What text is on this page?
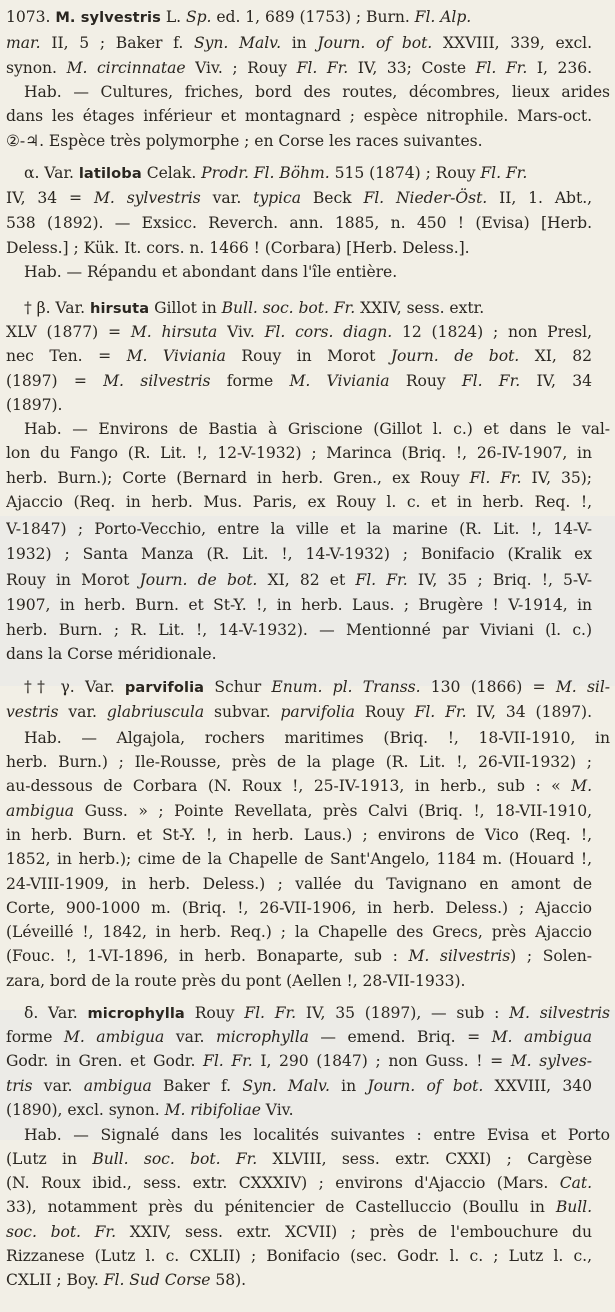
1073. M. sylvestris L. Sp. ed. 1, 689 (1753) ; Burn. Fl. Alp.
mar. II, 5 ; Baker f. Syn. Malv. in Journ. of bot. XXVIII, 339, excl.
synon. M. circinnatae Viv. ; Rouy Fl. Fr. IV, 33; Coste Fl. Fr. I, 236.
Hab. — Cultures, friches, bord des routes, décombres, lieux arides
dans les étages inférieur et montagnard ; espèce nitrophile. Mars-oct.
②-♃. Espèce très polymorphe ; en Corse les races suivantes.
α. Var. latiloba Celak. Prodr. Fl. Böhm. 515 (1874) ; Rouy Fl. Fr.
IV, 34 = M. sylvestris var. typica Beck Fl. Nieder-Öst. II, 1. Abt.,
538 (1892). — Exsicc. Reverch. ann. 1885, n. 450 ! (Evisa) [Herb.
Deless.] ; Kük. It. cors. n. 1466 ! (Corbara) [Herb. Deless.].
Hab. — Répandu et abondant dans l'île entière.
† β. Var. hirsuta Gillot in Bull. soc. bot. Fr. XXIV, sess. extr.
XLV (1877) = M. hirsuta Viv. Fl. cors. diagn. 12 (1824) ; non Presl,
nec Ten. = M. Viviania Rouy in Morot Journ. de bot. XI, 82
(1897) = M. silvestris forme M. Viviania Rouy Fl. Fr. IV, 34
(1897).
Hab. — Environs de Bastia à Griscione (Gillot l. c.) et dans le val-
lon du Fango (R. Lit. !, 12-V-1932) ; Marinca (Briq. !, 26-IV-1907, in
herb. Burn.); Corte (Bernard in herb. Gren., ex Rouy Fl. Fr. IV, 35);
Ajaccio (Req. in herb. Mus. Paris, ex Rouy l. c. et in herb. Req. !,
V-1847) ; Porto-Vecchio, entre la ville et la marine (R. Lit. !, 14-V-
1932) ; Santa Manza (R. Lit. !, 14-V-1932) ; Bonifacio (Kralik ex
Rouy in Morot Journ. de bot. XI, 82 et Fl. Fr. IV, 35 ; Briq. !, 5-V-
1907, in herb. Burn. et St-Y. !, in herb. Laus. ; Brugère ! V-1914, in
herb. Burn. ; R. Lit. !, 14-V-1932). — Mentionné par Viviani (l. c.)
dans la Corse méridionale.
†† γ. Var. parvifolia Schur Enum. pl. Transs. 130 (1866) = M. sil-
vestris var. glabriuscula subvar. parvifolia Rouy Fl. Fr. IV, 34 (1897).
Hab. — Algajola, rochers maritimes (Briq. !, 18-VII-1910, in
herb. Burn.) ; Ile-Rousse, près de la plage (R. Lit. !, 26-VII-1932) ;
au-dessous de Corbara (N. Roux !, 25-IV-1913, in herb., sub : « M.
ambigua Guss. » ; Pointe Revellata, près Calvi (Briq. !, 18-VII-1910,
in herb. Burn. et St-Y. !, in herb. Laus.) ; environs de Vico (Req. !,
1852, in herb.); cime de la Chapelle de Sant'Angelo, 1184 m. (Houard !,
24-VIII-1909, in herb. Deless.) ; vallée du Tavignano en amont de
Corte, 900-1000 m. (Briq. !, 26-VII-1906, in herb. Deless.) ; Ajaccio
(Léveillé !, 1842, in herb. Req.) ; la Chapelle des Grecs, près Ajaccio
(Fouc. !, 1-VI-1896, in herb. Bonaparte, sub : M. silvestris) ; Solen-
zara, bord de la route près du pont (Aellen !, 28-VII-1933).
δ. Var. microphylla Rouy Fl. Fr. IV, 35 (1897), — sub : M. silvestris
forme M. ambigua var. microphylla — emend. Briq. = M. ambigua
Godr. in Gren. et Godr. Fl. Fr. I, 290 (1847) ; non Guss. ! = M. sylves-
tris var. ambigua Baker f. Syn. Malv. in Journ. of bot. XXVIII, 340
(1890), excl. synon. M. ribifoliae Viv.
Hab. — Signalé dans les localités suivantes : entre Evisa et Porto
(Lutz in Bull. soc. bot. Fr. XLVIII, sess. extr. CXXI) ; Cargèse
(N. Roux ibid., sess. extr. CXXXIV) ; environs d'Ajaccio (Mars. Cat.
33), notamment près du pénitencier de Castelluccio (Boullu in Bull.
soc. bot. Fr. XXIV, sess. extr. XCVII) ; près de l'embouchure du
Rizzanese (Lutz l. c. CXLII) ; Bonifacio (sec. Godr. l. c. ; Lutz l. c.,
CXLII ; Boy. Fl. Sud Corse 58).
